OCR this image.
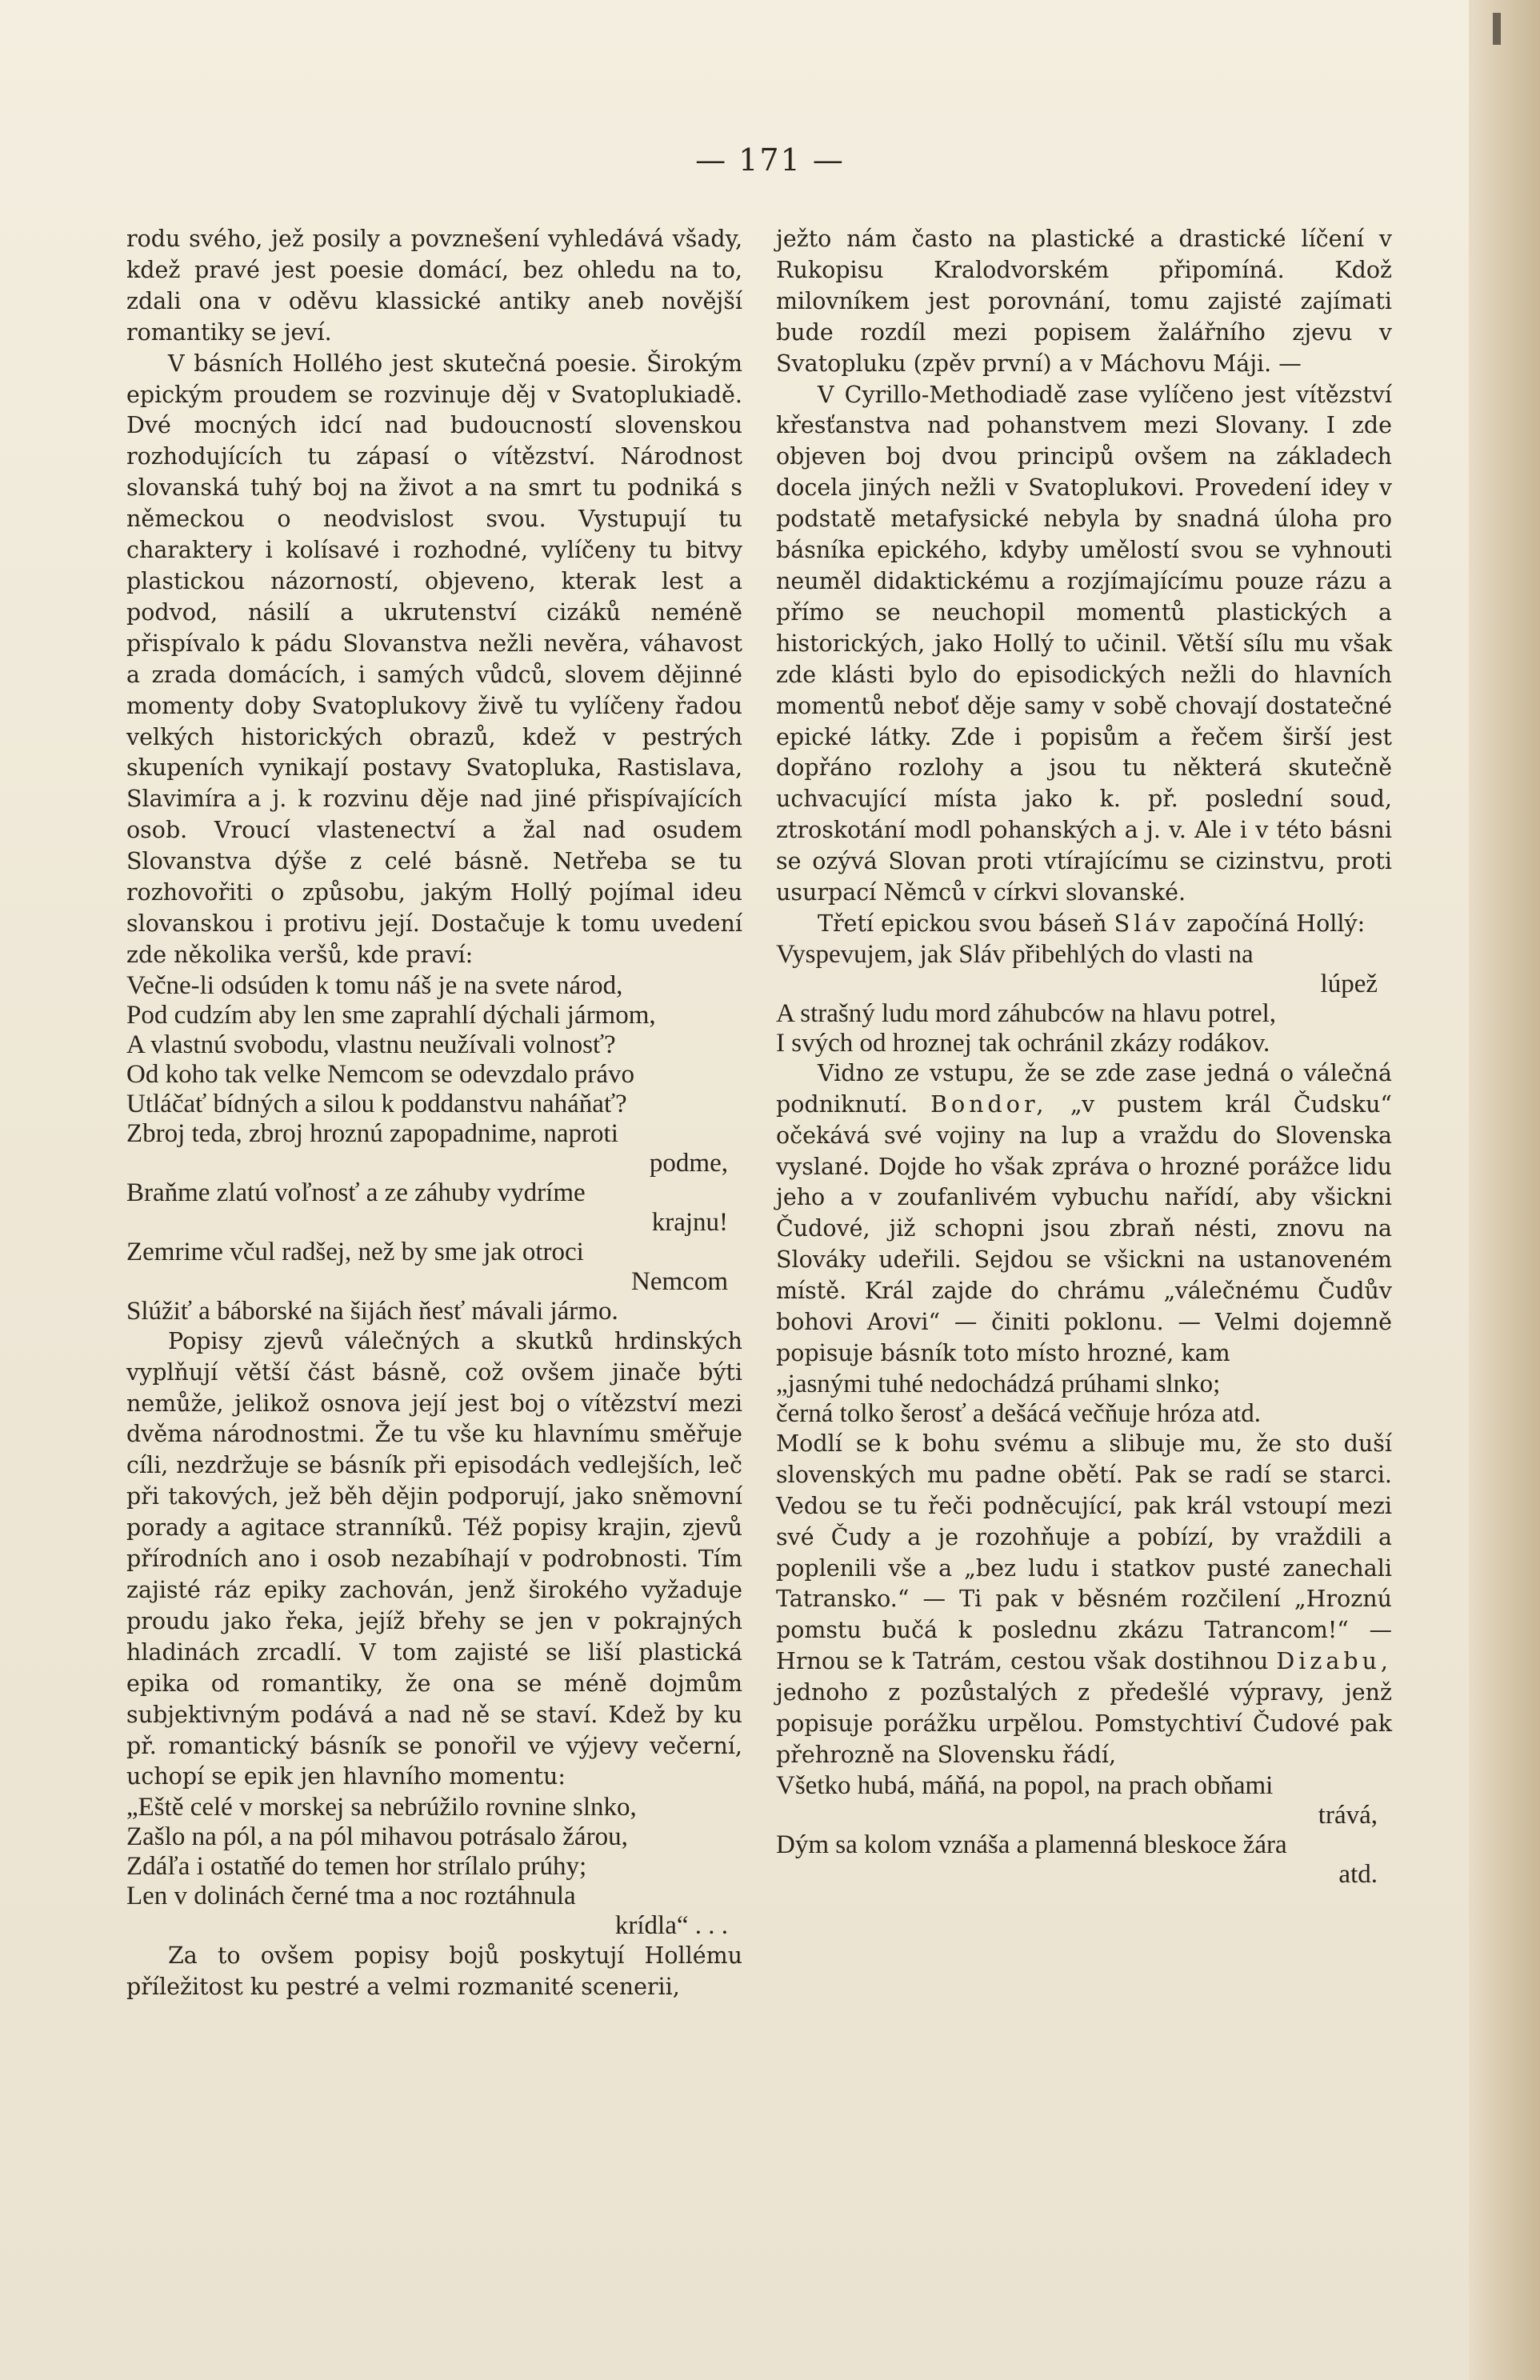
— 171 —

rodu svého, jež posily a povznešení vyhledává všady, kdež pravé jest poesie domácí, bez ohledu na to, zdali ona v oděvu klassické antiky aneb novější romantiky se jeví.

V básních Hollého jest skutečná poesie. Širokým epickým proudem se rozvinuje děj v Svatoplukiadě. Dvé mocných idcí nad budoucností slovenskou rozhodujících tu zápasí o vítězství. Národnost slovanská tuhý boj na život a na smrt tu podniká s německou o neodvislost svou. Vystupují tu charaktery i kolísavé i rozhodné, vylíčeny tu bitvy plastickou názorností, objeveno, kterak lest a podvod, násilí a ukrutenství cizáků neméně přispívalo k pádu Slovanstva nežli nevěra, váhavost a zrada domácích, i samých vůdců, slovem dějinné momenty doby Svatoplukovy živě tu vylíčeny řadou velkých historických obrazů, kdež v pestrých skupeních vynikají postavy Svatopluka, Rastislava, Slavimíra a j. k rozvinu děje nad jiné přispívajících osob. Vroucí vlastenectví a žal nad osudem Slovanstva dýše z celé básně. Netřeba se tu rozhovořiti o způsobu, jakým Hollý pojímal ideu slovanskou i protivu její. Dostačuje k tomu uvedení zde několika veršů, kde praví:

Večne-li odsúden k tomu náš je na svete národ,
Pod cudzím aby len sme zaprahlí dýchali jármom,
A vlastnú svobodu, vlastnu neužívali volnosť?
Od koho tak velke Nemcom se odevzdalo právo
Utláčať bídných a silou k poddanstvu naháňať?
Zbroj teda, zbroj hroznú zapopadnime, naproti
podme,
Braňme zlatú voľnosť a ze záhuby vydríme
krajnu!
Zemrime včul radšej, než by sme jak otroci
Nemcom
Slúžiť a báborské na šijách ňesť mávali jármo.

Popisy zjevů válečných a skutků hrdinských vyplňují větší část básně, což ovšem jinače býti nemůže, jelikož osnova její jest boj o vítězství mezi dvěma národnostmi. Že tu vše ku hlavnímu směřuje cíli, nezdržuje se básník při episodách vedlejších, leč při takových, jež běh dějin podporují, jako sněmovní porady a agitace stranníků. Též popisy krajin, zjevů přírodních ano i osob nezabíhají v podrobnosti. Tím zajisté ráz epiky zachován, jenž širokého vyžaduje proudu jako řeka, jejíž břehy se jen v pokrajných hladinách zrcadlí. V tom zajisté se liší plastická epika od romantiky, že ona se méně dojmům subjektivným podává a nad ně se staví. Kdež by ku př. romantický básník se ponořil ve výjevy večerní, uchopí se epik jen hlavního momentu:

„Eště celé v morskej sa nebrúžilo rovnine slnko,
Zašlo na pól, a na pól mihavou potrásalo žárou,
Zdáľa i ostatňé do temen hor strílalo prúhy;
Len v dolinách černé tma a noc roztáhnula
krídla“ . . .

Za to ovšem popisy bojů poskytují Hollému příležitost ku pestré a velmi rozmanité scenerii,

ježto nám často na plastické a drastické líčení v Rukopisu Kralodvorském připomíná. Kdož milovníkem jest porovnání, tomu zajisté zajímati bude rozdíl mezi popisem žalářního zjevu v Svatopluku (zpěv první) a v Máchovu Máji. —

V Cyrillo-Methodiadě zase vylíčeno jest vítězství křesťanstva nad pohanstvem mezi Slovany. I zde objeven boj dvou principů ovšem na základech docela jiných nežli v Svatoplukovi. Provedení idey v podstatě metafysické nebyla by snadná úloha pro básníka epického, kdyby umělostí svou se vyhnouti neuměl didaktickému a rozjímajícímu pouze rázu a přímo se neuchopil momentů plastických a historických, jako Hollý to učinil. Větší sílu mu však zde klásti bylo do episodických nežli do hlavních momentů neboť děje samy v sobě chovají dostatečné epické látky. Zde i popisům a řečem širší jest dopřáno rozlohy a jsou tu některá skutečně uchvacující místa jako k. př. poslední soud, ztroskotání modl pohanských a j. v. Ale i v této básni se ozývá Slovan proti vtírajícímu se cizinstvu, proti usurpací Němců v církvi slovanské.

Třetí epickou svou báseň Sláv započíná Hollý:

Vyspevujem, jak Sláv přibehlých do vlasti na
lúpež
A strašný ludu mord záhubców na hlavu potrel,
I svých od hroznej tak ochránil zkázy rodákov.

Vidno ze vstupu, že se zde zase jedná o válečná podniknutí. Bondor, „v pustem král Čudsku“ očekává své vojiny na lup a vraždu do Slovenska vyslané. Dojde ho však zpráva o hrozné porážce lidu jeho a v zoufanlivém vybuchu nařídí, aby všickni Čudové, již schopni jsou zbraň nésti, znovu na Slováky udeřili. Sejdou se všickni na ustanoveném místě. Král zajde do chrámu „válečnému Čudův bohovi Arovi“ — činiti poklonu. — Velmi dojemně popisuje básník toto místo hrozné, kam

„jasnými tuhé nedochádzá prúhami slnko;
černá tolko šerosť a dešácá večňuje hróza atd.

Modlí se k bohu svému a slibuje mu, že sto duší slovenských mu padne obětí. Pak se radí se starci. Vedou se tu řeči podněcující, pak král vstoupí mezi své Čudy a je rozohňuje a pobízí, by vraždili a poplenili vše a „bez ludu i statkov pusté zanechali Tatransko.“ — Ti pak v běsném rozčilení „Hroznú pomstu bučá k poslednu zkázu Tatrancom!“ — Hrnou se k Tatrám, cestou však dostihnou Dizabu, jednoho z pozůstalých z předešlé výpravy, jenž popisuje porážku urpělou. Pomstychtiví Čudové pak přehrozně na Slovensku řádí,

Všetko hubá, máňá, na popol, na prach obňami
trává,
Dým sa kolom vznáša a plamenná bleskoce žára
atd.
